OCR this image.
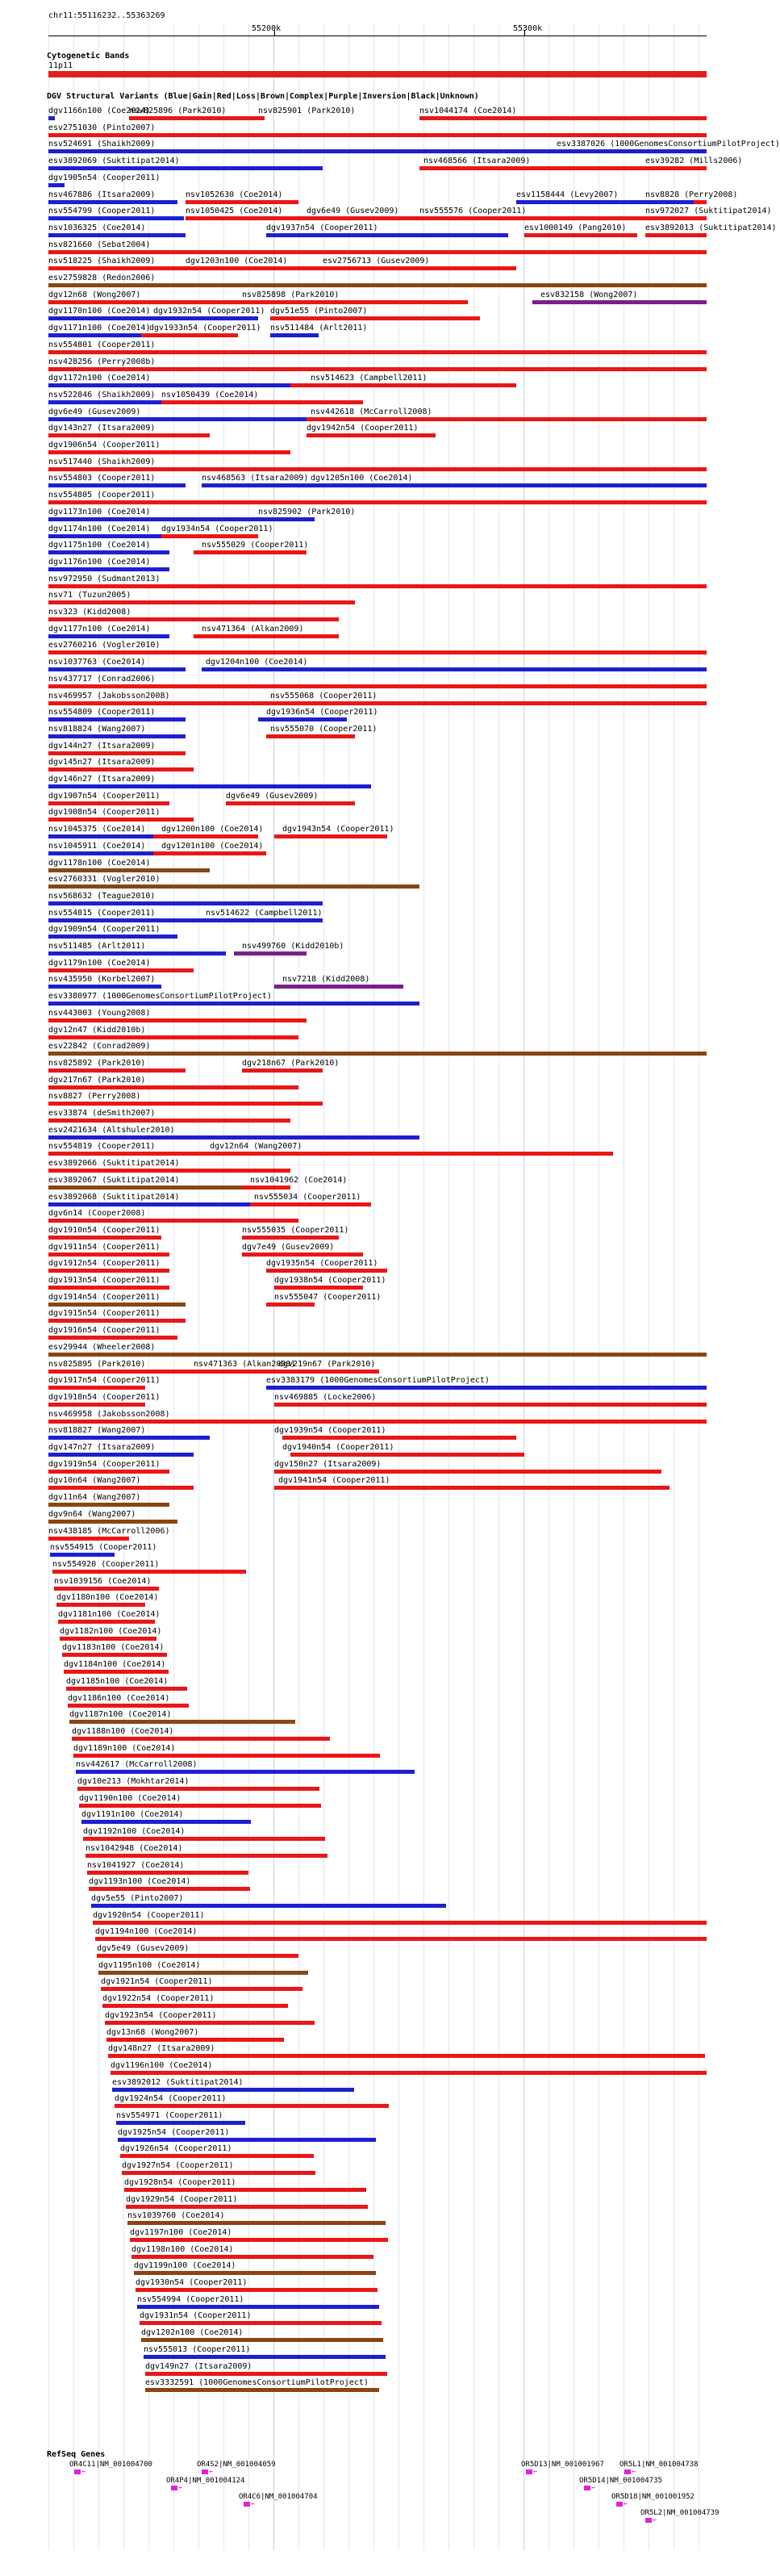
chr11:55116232..55363269
55200k	55300k
Cytogenetic Bands
11p11
DGV Structural Variants (Blue|Gain|Red|Loss|Brown|Complex|Purple|Inversion|Black|Unknown)
dgv1166n100 (Coe2014)
nsv825896 (Park2010)	nsv825901 (Park2010)	nsv1044174 (Coe2014)
esv2751030 (Pinto2007)
nsv524691 (Shaikh2009)	esv3387026 (1000GenomesConsortiumPilotProject)
esv3892069 (Suktitipat2014)	nsv468566 (Itsara2009)	esv39282 (Mills2006)
dgv1905n54 (Cooper2011)
nsv467886 (Itsara2009)	nsv1052630 (Coe2014)	esv1158444 (Levy2007)	nsv8828 (Perry2008)
nsv554799 (Cooper2011)	nsv1050425 (Coe2014)	dgv6e49 (Gusev2009)	nsv555576 (Cooper2011)	nsv972027 (Suktitipat2014)
nsv1036325 (Coe2014)	dgv1937n54 (Cooper2011)	esv1000149 (Pang2010) esv3892013 (Suktitipat2014)
nsv821660 (Sebat2004)
nsv518225 (Shaikh2009)	dgv1203n100 (Coe2014)	esv2756713 (Gusev2009)
esv2759828 (Redon2006)
dgv12n68 (Wong2007)	nsv825898 (Park2010)	esv832158 (Wong2007)
dgv1170n100 (Coe2014) dgv1932n54 (Cooper2011) dgv51e55 (Pinto2007)
dgv1171n100 (Coe2014)
dgv1933n54 (Cooper2011) nsv511484 (Arlt2011)
nsv554801 (Cooper2011)
nsv428256 (Perry2008b)
dgv1172n100 (Coe2014)	nsv514623 (Campbell2011)
nsv522846 (Shaikh2009) nsv1050439 (Coe2014)
dgv6e49 (Gusev2009)	nsv442618 (McCarroll2008)
dgv143n27 (Itsara2009)	dgv1942n54 (Cooper2011)
dgv1906n54 (Cooper2011)
nsv517440 (Shaikh2009)
nsv554803 (Cooper2011)	nsv468563 (Itsara2009) dgv1205n100 (Coe2014)
nsv554805 (Cooper2011)
dgv1173n100 (Coe2014)	nsv825902 (Park2010)
dgv1174n100 (Coe2014) dgv1934n54 (Cooper2011)
dgv1175n100 (Coe2014)	nsv555029 (Cooper2011)
dgv1176n100 (Coe2014)
nsv972950 (Sudmant2013)
nsv71 (Tuzun2005)
nsv323 (Kidd2008)
dgv1177n100 (Coe2014)	nsv471364 (Alkan2009)
esv2760216 (Vogler2010)
nsv1037763 (Coe2014)	dgv1204n100 (Coe2014)
nsv437717 (Conrad2006)
nsv469957 (Jakobsson2008)	nsv555068 (Cooper2011)
nsv554809 (Cooper2011)	dgv1936n54 (Cooper2011)
nsv818824 (Wang2007)	nsv555070 (Cooper2011)
dgv144n27 (Itsara2009)
dgv145n27 (Itsara2009)
dgv146n27 (Itsara2009)
dgv1907n54 (Cooper2011)	dgv6e49 (Gusev2009)
dgv1908n54 (Cooper2011)
nsv1045375 (Coe2014) dgv1200n100 (Coe2014) dgv1943n54 (Cooper2011)
nsv1045911 (Coe2014) dgv1201n100 (Coe2014)
dgv1178n100 (Coe2014)
esv2760331 (Vogler2010)
nsv568632 (Teague2010)
nsv554815 (Cooper2011)	nsv514622 (Campbell2011)
dgv1909n54 (Cooper2011)
nsv511485 (Arlt2011)	nsv499760 (Kidd2010b)
dgv1179n100 (Coe2014)
nsv435950 (Korbel2007)	nsv7218 (Kidd2008)
esv3380977 (1000GenomesConsortiumPilotProject)
nsv443003 (Young2008)
dgv12n47 (Kidd2010b)
esv22842 (Conrad2009)
nsv825892 (Park2010)	dgv218n67 (Park2010)
dgv217n67 (Park2010)
nsv8827 (Perry2008)
esv33874 (deSmith2007)
esv2421634 (Altshuler2010)
nsv554819 (Cooper2011)	dgv12n64 (Wang2007)
esv3892066 (Suktitipat2014)
esv3892067 (Suktitipat2014)	nsv1041962 (Coe2014)
esv3892068 (Suktitipat2014)	nsv555034 (Cooper2011)
dgv6n14 (Cooper2008)
dgv1910n54 (Cooper2011)	nsv555035 (Cooper2011)
dgv1911n54 (Cooper2011)	dgv7e49 (Gusev2009)
dgv1912n54 (Cooper2011)	dgv1935n54 (Cooper2011)
dgv1913n54 (Cooper2011)	dgv1938n54 (Cooper2011)
dgv1914n54 (Cooper2011)	nsv555047 (Cooper2011)
dgv1915n54 (Cooper2011)
dgv1916n54 (Cooper2011)
esv29944 (Wheeler2008)
nsv825895 (Park2010)	nsv471363 (Alkan2009)
dgv219n67 (Park2010)
dgv1917n54 (Cooper2011)	esv3383179 (1000GenomesConsortiumPilotProject)
dgv1918n54 (Cooper2011)	nsv469885 (Locke2006)
nsv469958 (Jakobsson2008)
nsv818827 (Wang2007)	dgv1939n54 (Cooper2011)
dgv147n27 (Itsara2009)	dgv1940n54 (Cooper2011)
dgv1919n54 (Cooper2011)	dgv150n27 (Itsara2009)
dgv10n64 (Wang2007)	dgv1941n54 (Cooper2011)
dgv11n64 (Wang2007)
dgv9n64 (Wang2007)
nsv438185 (McCarroll2006)
nsv554915 (Cooper2011)
nsv554920 (Cooper2011)
nsv1039156 (Coe2014)
dgv1180n100 (Coe2014)
dgv1181n100 (Coe2014)
dgv1182n100 (Coe2014)
dgv1183n100 (Coe2014)
dgv1184n100 (Coe2014)
dgv1185n100 (Coe2014)
dgv1186n100 (Coe2014)
dgv1187n100 (Coe2014)
dgv1188n100 (Coe2014)
dgv1189n100 (Coe2014)
nsv442617 (McCarroll2008)
dgv10e213 (Mokhtar2014)
dgv1190n100 (Coe2014)
dgv1191n100 (Coe2014)
dgv1192n100 (Coe2014)
nsv1042948 (Coe2014)
nsv1041927 (Coe2014)
dgv1193n100 (Coe2014)
dgv5e55 (Pinto2007)
dgv1920n54 (Cooper2011)
dgv1194n100 (Coe2014)
dgv5e49 (Gusev2009)
dgv1195n100 (Coe2014)
dgv1921n54 (Cooper2011)
dgv1922n54 (Cooper2011)
dgv1923n54 (Cooper2011)
dgv13n68 (Wong2007)
dgv148n27 (Itsara2009)
dgv1196n100 (Coe2014)
esv3892012 (Suktitipat2014)
dgv1924n54 (Cooper2011)
nsv554971 (Cooper2011)
dgv1925n54 (Cooper2011)
dgv1926n54 (Cooper2011)
dgv1927n54 (Cooper2011)
dgv1928n54 (Cooper2011)
dgv1929n54 (Cooper2011)
nsv1039760 (Coe2014)
dgv1197n100 (Coe2014)
dgv1198n100 (Coe2014)
dgv1199n100 (Coe2014)
dgv1930n54 (Cooper2011)
nsv554994 (Cooper2011)
dgv1931n54 (Cooper2011)
dgv1202n100 (Coe2014)
nsv555013 (Cooper2011)
dgv149n27 (Itsara2009)
esv3332591 (1000GenomesConsortiumPilotProject)
RefSeq Genes
OR4C11|NM_001004700
←
OR4S2|NM_001004059
←
OR5D13|NM_001001967
←
OR5L1|NM_001004738
←
OR4P4|NM_001004124
←
OR5D14|NM_001004735
←
OR4C6|NM_001004704
←
OR5D18|NM_001001952
←
OR5L2|NM_001004739
←
